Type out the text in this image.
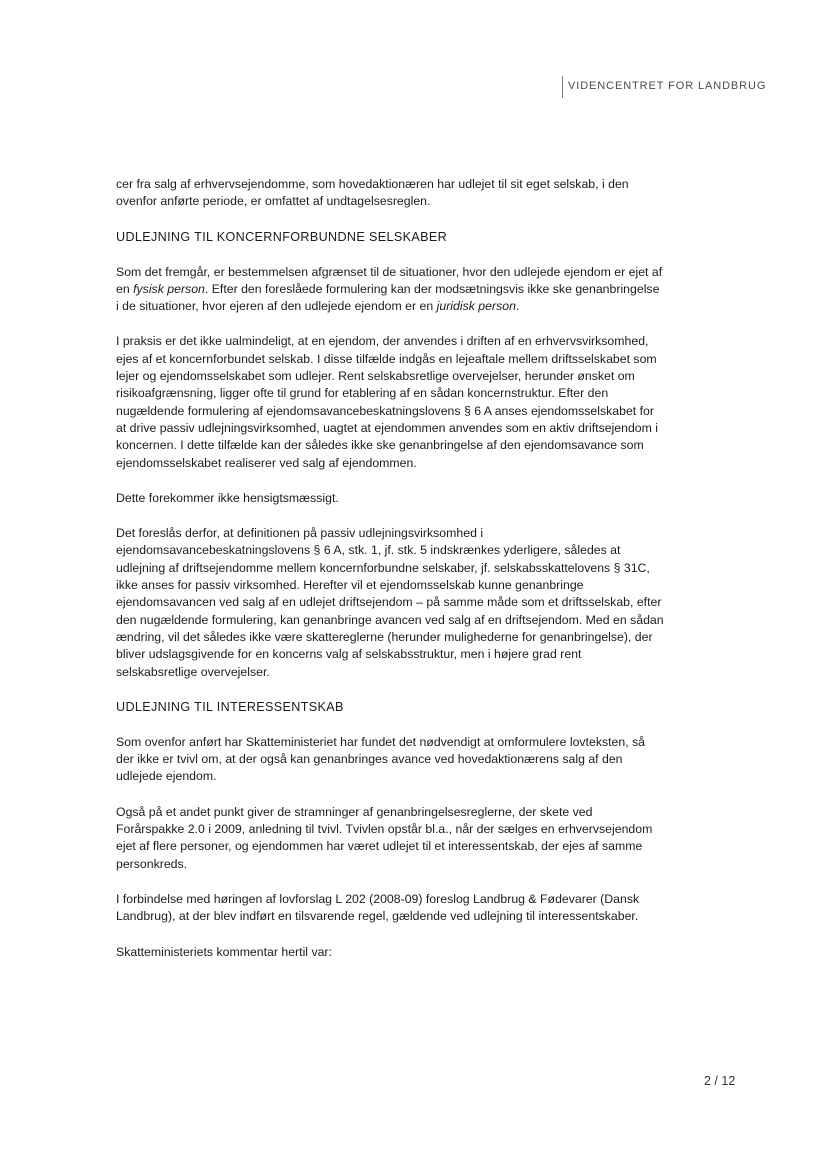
VIDENCENTRET FOR LANDBRUG

cer fra salg af erhvervsejendomme, som hovedaktionæren har udlejet til sit eget selskab, i den ovenfor anførte periode, er omfattet af undtagelsesreglen.

UDLEJNING TIL KONCERNFORBUNDNE SELSKABER

Som det fremgår, er bestemmelsen afgrænset til de situationer, hvor den udlejede ejendom er ejet af en fysisk person. Efter den foreslåede formulering kan der modsætningsvis ikke ske genanbringelse i de situationer, hvor ejeren af den udlejede ejendom er en juridisk person.

I praksis er det ikke ualmindeligt, at en ejendom, der anvendes i driften af en erhvervsvirksomhed, ejes af et koncernforbundet selskab. I disse tilfælde indgås en lejeaftale mellem driftsselskabet som lejer og ejendomsselskabet som udlejer. Rent selskabsretlige overvejelser, herunder ønsket om risikoafgrænsning, ligger ofte til grund for etablering af en sådan koncernstruktur. Efter den nugældende formulering af ejendomsavancebeskatningslovens § 6 A anses ejendomsselskabet for at drive passiv udlejningsvirksomhed, uagtet at ejendommen anvendes som en aktiv driftsejendom i koncernen. I dette tilfælde kan der således ikke ske genanbringelse af den ejendomsavance som ejendomsselskabet realiserer ved salg af ejendommen.

Dette forekommer ikke hensigtsmæssigt.

Det foreslås derfor, at definitionen på passiv udlejningsvirksomhed i ejendomsavancebeskatningslovens § 6 A, stk. 1, jf. stk. 5 indskrænkes yderligere, således at udlejning af driftsejendomme mellem koncernforbundne selskaber, jf. selskabsskattelovens § 31C, ikke anses for passiv virksomhed. Herefter vil et ejendomsselskab kunne genanbringe ejendomsavancen ved salg af en udlejet driftsejendom – på samme måde som et driftsselskab, efter den nugældende formulering, kan genanbringe avancen ved salg af en driftsejendom. Med en sådan ændring, vil det således ikke være skattereglerne (herunder mulighederne for genanbringelse), der bliver udslagsgivende for en koncerns valg af selskabsstruktur, men i højere grad rent selskabsretlige overvejelser.

UDLEJNING TIL INTERESSENTSKAB

Som ovenfor anført har Skatteministeriet har fundet det nødvendigt at omformulere lovteksten, så der ikke er tvivl om, at der også kan genanbringes avance ved hovedaktionærens salg af den udlejede ejendom.

Også på et andet punkt giver de stramninger af genanbringelsesreglerne, der skete ved Forårspakke 2.0 i 2009, anledning til tvivl. Tvivlen opstår bl.a., når der sælges en erhvervsejendom ejet af flere personer, og ejendommen har været udlejet til et interessentskab, der ejes af samme personkreds.

I forbindelse med høringen af lovforslag L 202 (2008-09) foreslog Landbrug & Fødevarer (Dansk Landbrug), at der blev indført en tilsvarende regel, gældende ved udlejning til interessentskaber.

Skatteministeriets kommentar hertil var:

2 / 12
